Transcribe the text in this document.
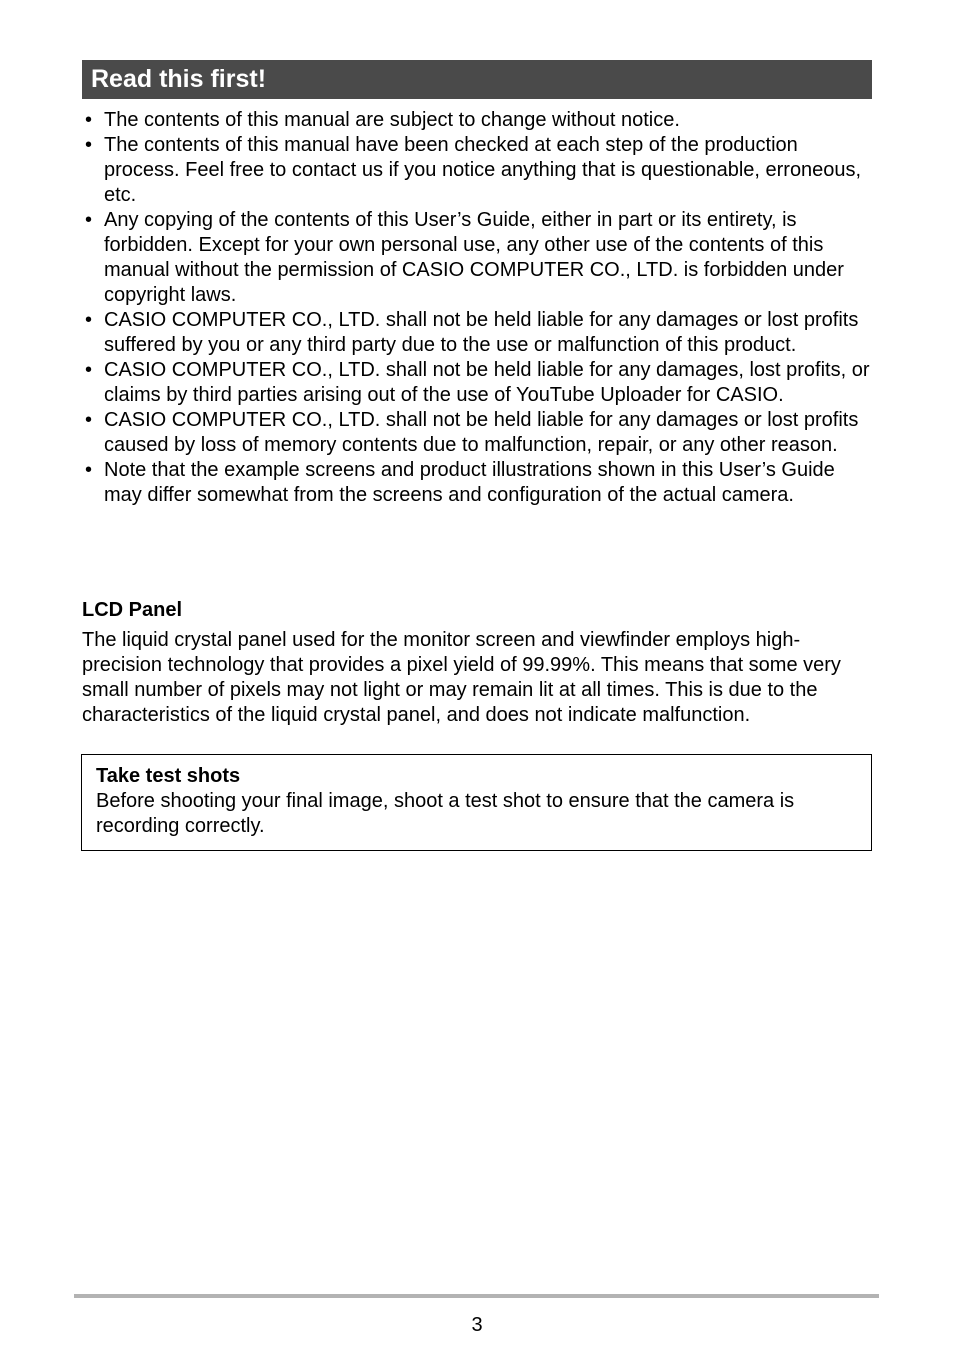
Read this first!
• The contents of this manual are subject to change without notice.
• The contents of this manual have been checked at each step of the production process. Feel free to contact us if you notice anything that is questionable, erroneous, etc.
• Any copying of the contents of this User’s Guide, either in part or its entirety, is forbidden. Except for your own personal use, any other use of the contents of this manual without the permission of CASIO COMPUTER CO., LTD. is forbidden under copyright laws.
• CASIO COMPUTER CO., LTD. shall not be held liable for any damages or lost profits suffered by you or any third party due to the use or malfunction of this product.
• CASIO COMPUTER CO., LTD. shall not be held liable for any damages, lost profits, or claims by third parties arising out of the use of YouTube Uploader for CASIO.
• CASIO COMPUTER CO., LTD. shall not be held liable for any damages or lost profits caused by loss of memory contents due to malfunction, repair, or any other reason.
• Note that the example screens and product illustrations shown in this User’s Guide may differ somewhat from the screens and configuration of the actual camera.
LCD Panel
The liquid crystal panel used for the monitor screen and viewfinder employs high-precision technology that provides a pixel yield of 99.99%. This means that some very small number of pixels may not light or may remain lit at all times. This is due to the characteristics of the liquid crystal panel, and does not indicate malfunction.
Take test shots
Before shooting your final image, shoot a test shot to ensure that the camera is recording correctly.
3
